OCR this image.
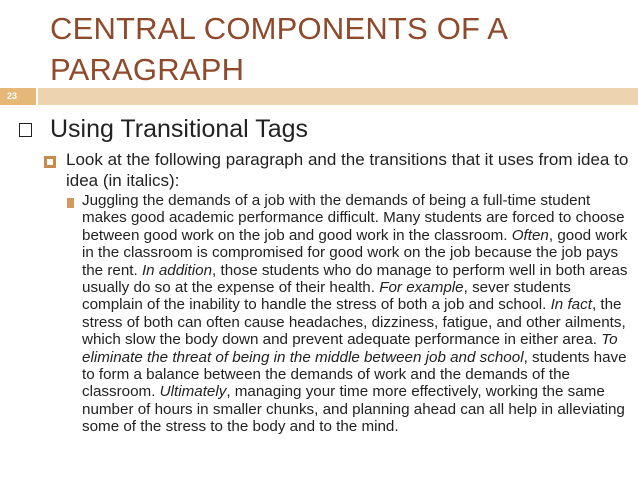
CENTRAL COMPONENTS OF A PARAGRAPH
23
Using Transitional Tags
Look at the following paragraph and the transitions that it uses from idea to idea (in italics):
Juggling the demands of a job with the demands of being a full-time student makes good academic performance difficult. Many students are forced to choose between good work on the job and good work in the classroom. Often, good work in the classroom is compromised for good work on the job because the job pays the rent. In addition, those students who do manage to perform well in both areas usually do so at the expense of their health. For example, sever students complain of the inability to handle the stress of both a job and school. In fact, the stress of both can often cause headaches, dizziness, fatigue, and other ailments, which slow the body down and prevent adequate performance in either area. To eliminate the threat of being in the middle between job and school, students have to form a balance between the demands of work and the demands of the classroom. Ultimately, managing your time more effectively, working the same number of hours in smaller chunks, and planning ahead can all help in alleviating some of the stress to the body and to the mind.
